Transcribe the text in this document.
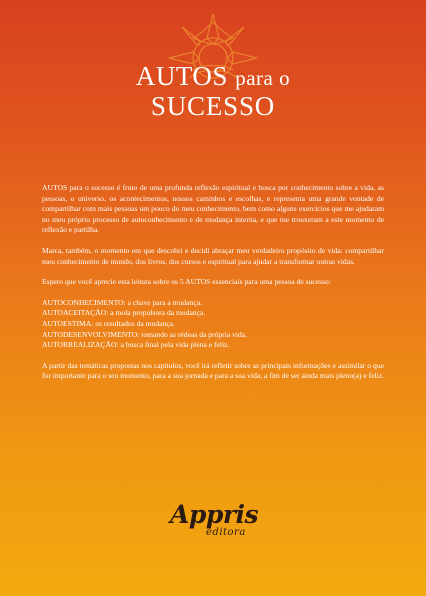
AUTOS para o
SUCESSO

AUTOS para o sucesso é fruto de uma profunda reflexão espiritual e busca por conhecimento sobre a vida, as pessoas, o universo, os acontecimentos, nossos caminhos e escolhas, e representa uma grande vontade de compartilhar com mais pessoas um pouco do meu conhecimento, bem como alguns exercícios que me ajudaram no meu próprio processo de autoconhecimento e de mudança interna, e que me trouxeram a este momento de reflexão e partilha.

Marca, também, o momento em que descobri e decidi abraçar meu verdadeiro propósito de vida: compartilhar meu conhecimento de mundo, dos livros, dos cursos e espiritual para ajudar a transformar outras vidas.

Espero que você aprecie esta leitura sobre os 5 AUTOS essenciais para uma pessoa de sucesso:

AUTOCONHECIMENTO: a chave para a mudança.
AUTOACEITAÇÃO: a mola propulsora da mudança.
AUTOESTIMA: os resultados da mudança.
AUTODESENVOLVIMENTO: tomando as rédeas da própria vida.
AUTORREALIZAÇÃO: a busca final pela vida plena e feliz.

A partir das temáticas propostas nos capítulos, você irá refletir sobre as principais informações e assimilar o que for importante para o seu momento, para a sua jornada e para a sua vida, a fim de ser ainda mais pleno(a) e feliz.

Appris
editora
